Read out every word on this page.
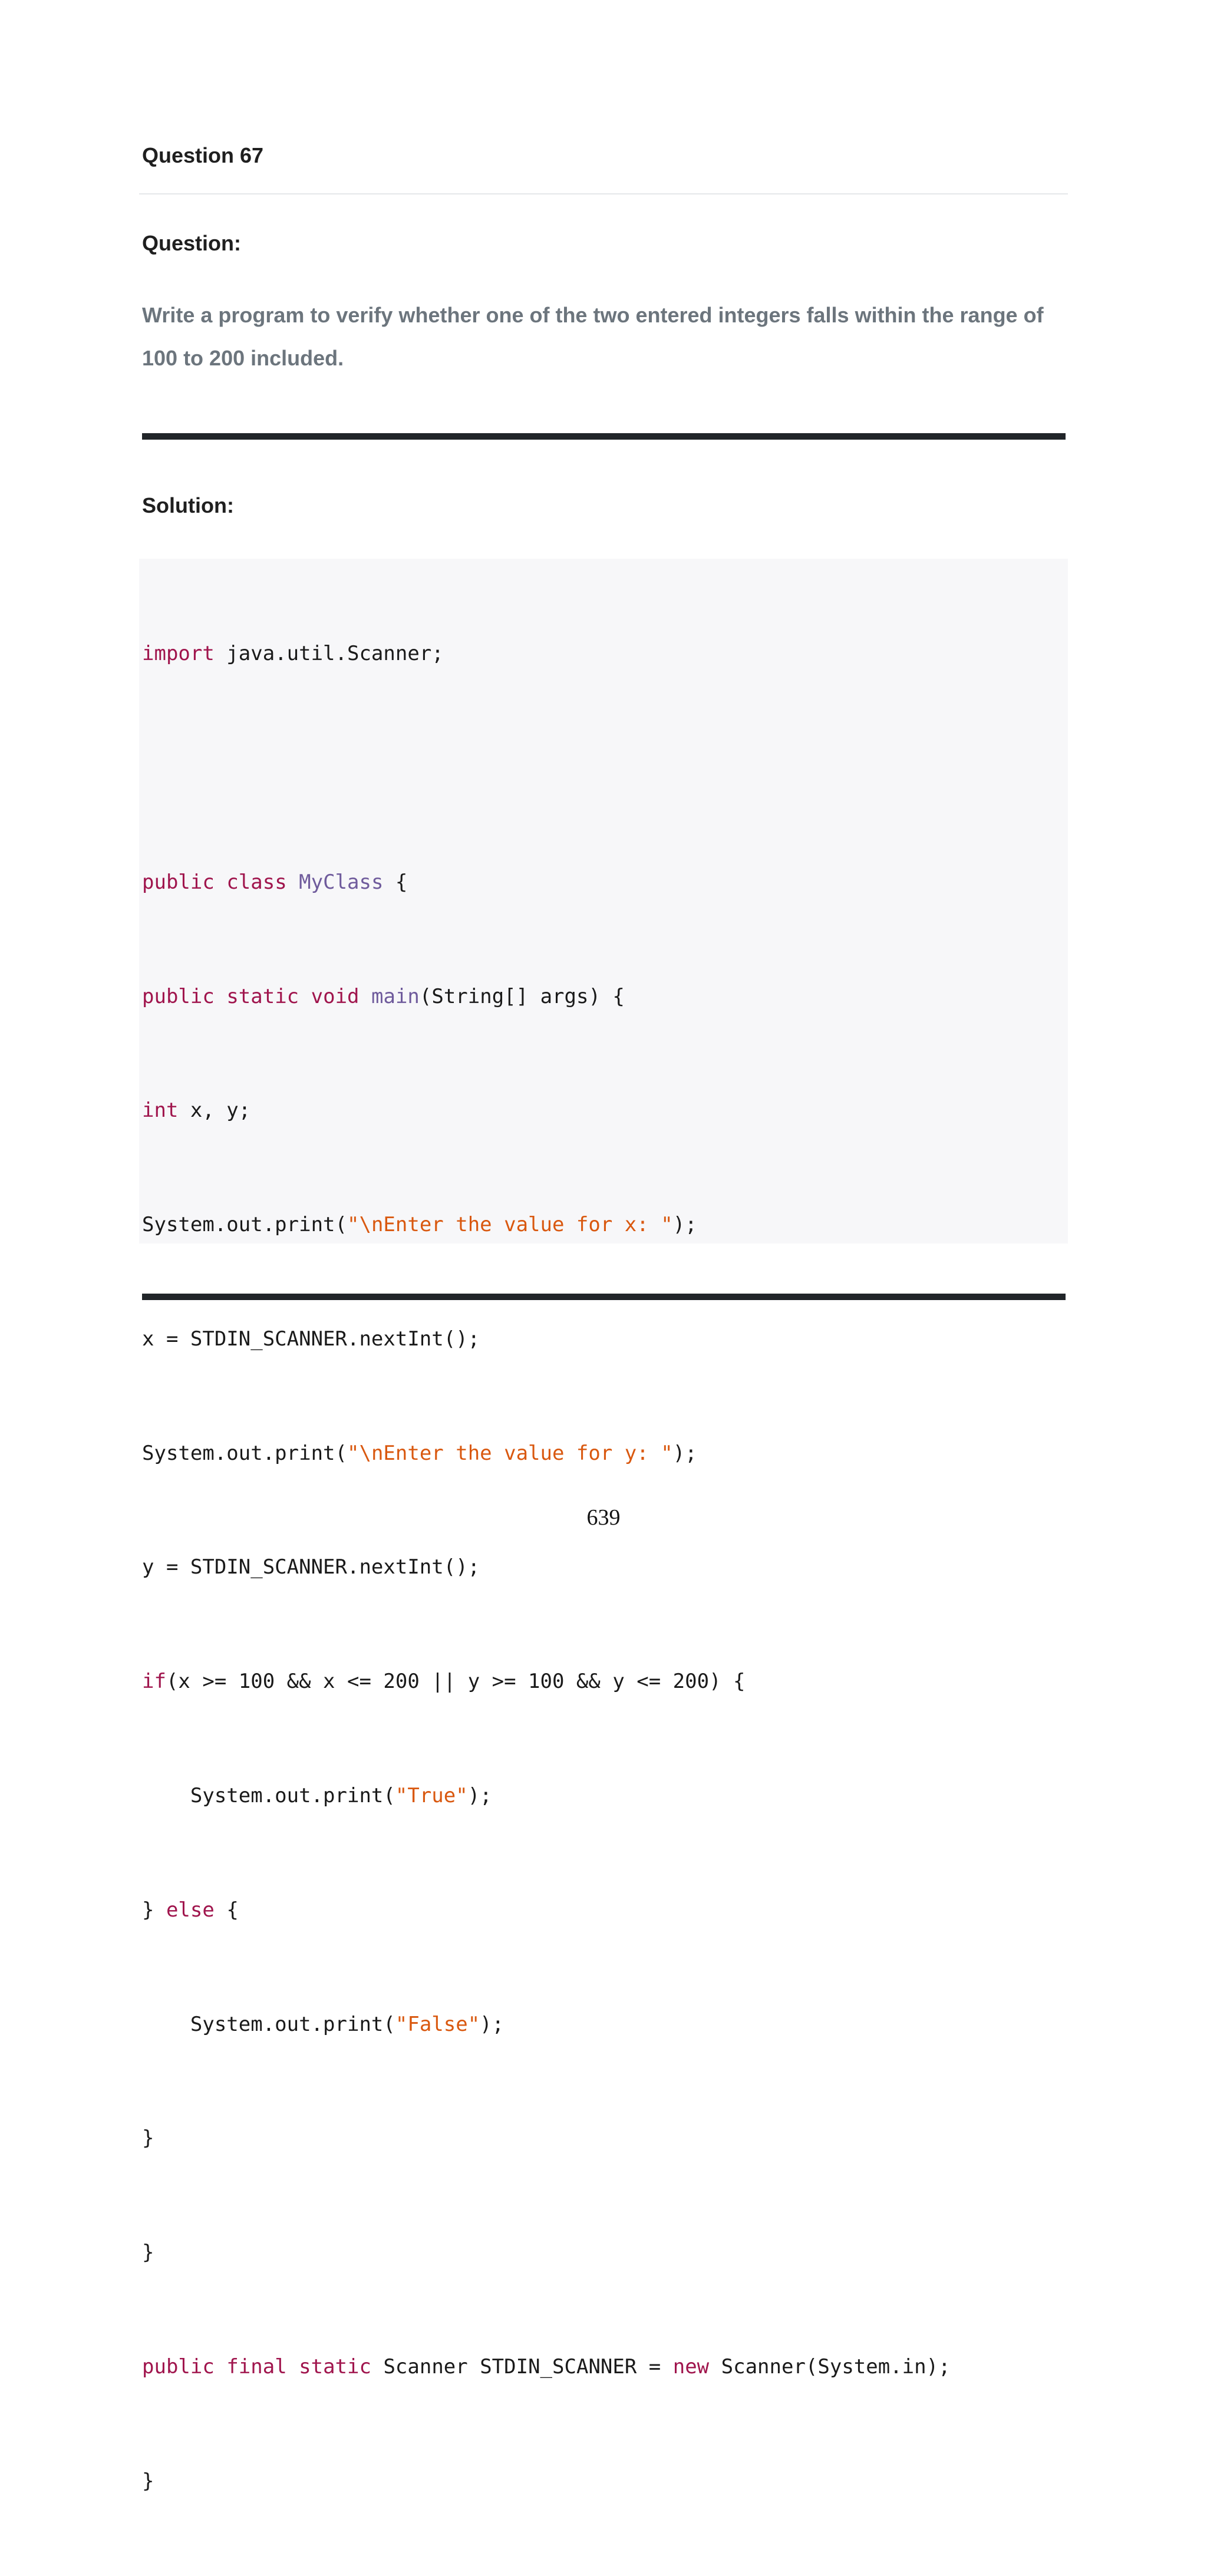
Question 67
Question:
Write a program to verify whether one of the two entered integers falls within the range of 100 to 200 included.
Solution:

import java.util.Scanner;

public class MyClass {

public static void main(String[] args) {

int x, y;

System.out.print("\nEnter the value for x: ");

x = STDIN_SCANNER.nextInt();

System.out.print("\nEnter the value for y: ");

y = STDIN_SCANNER.nextInt();

if(x >= 100 && x <= 200 || y >= 100 && y <= 200) {

System.out.print("True");

} else {

System.out.print("False");

}

}

public final static Scanner STDIN_SCANNER = new Scanner(System.in);

}

639
